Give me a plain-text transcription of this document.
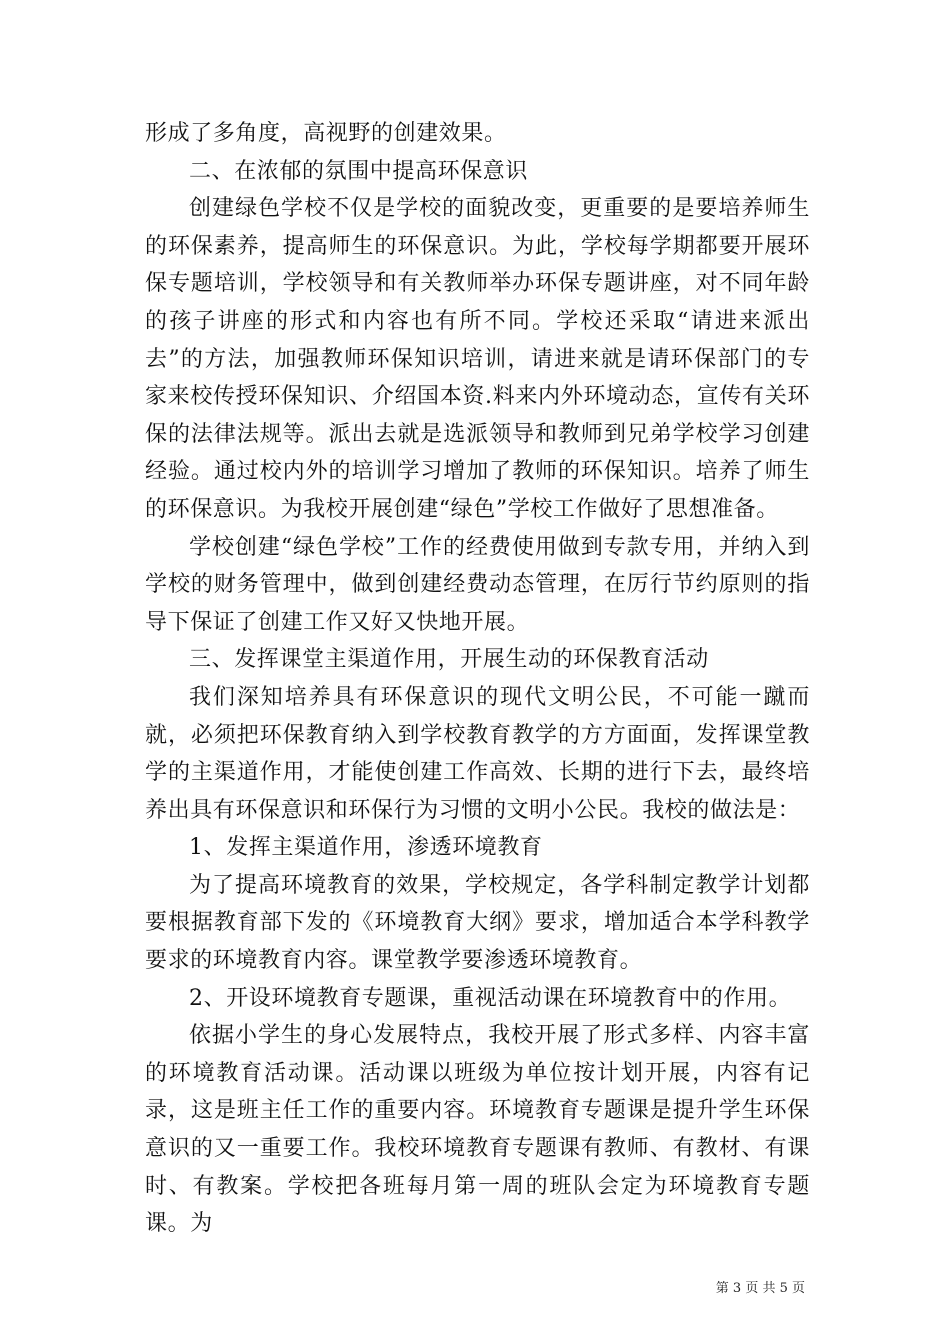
形成了多角度，高视野的创建效果。

二、在浓郁的氛围中提高环保意识

创建绿色学校不仅是学校的面貌改变，更重要的是要培养师生的环保素养，提高师生的环保意识。为此，学校每学期都要开展环保专题培训，学校领导和有关教师举办环保专题讲座，对不同年龄的孩子讲座的形式和内容也有所不同。学校还采取“请进来派出去”的方法，加强教师环保知识培训，请进来就是请环保部门的专家来校传授环保知识、介绍国本资.料来内外环境动态，宣传有关环保的法律法规等。派出去就是选派领导和教师到兄弟学校学习创建经验。通过校内外的培训学习增加了教师的环保知识。培养了师生的环保意识。为我校开展创建“绿色”学校工作做好了思想准备。

学校创建“绿色学校”工作的经费使用做到专款专用，并纳入到学校的财务管理中，做到创建经费动态管理，在厉行节约原则的指导下保证了创建工作又好又快地开展。

三、发挥课堂主渠道作用，开展生动的环保教育活动

我们深知培养具有环保意识的现代文明公民，不可能一蹴而就，必须把环保教育纳入到学校教育教学的方方面面，发挥课堂教学的主渠道作用，才能使创建工作高效、长期的进行下去，最终培养出具有环保意识和环保行为习惯的文明小公民。我校的做法是：

1、发挥主渠道作用，渗透环境教育

为了提高环境教育的效果，学校规定，各学科制定教学计划都要根据教育部下发的《环境教育大纲》要求，增加适合本学科教学要求的环境教育内容。课堂教学要渗透环境教育。

2、开设环境教育专题课，重视活动课在环境教育中的作用。

依据小学生的身心发展特点，我校开展了形式多样、内容丰富的环境教育活动课。活动课以班级为单位按计划开展，内容有记录，这是班主任工作的重要内容。环境教育专题课是提升学生环保意识的又一重要工作。我校环境教育专题课有教师、有教材、有课时、有教案。学校把各班每月第一周的班队会定为环境教育专题课。为

第 3 页 共 5 页
